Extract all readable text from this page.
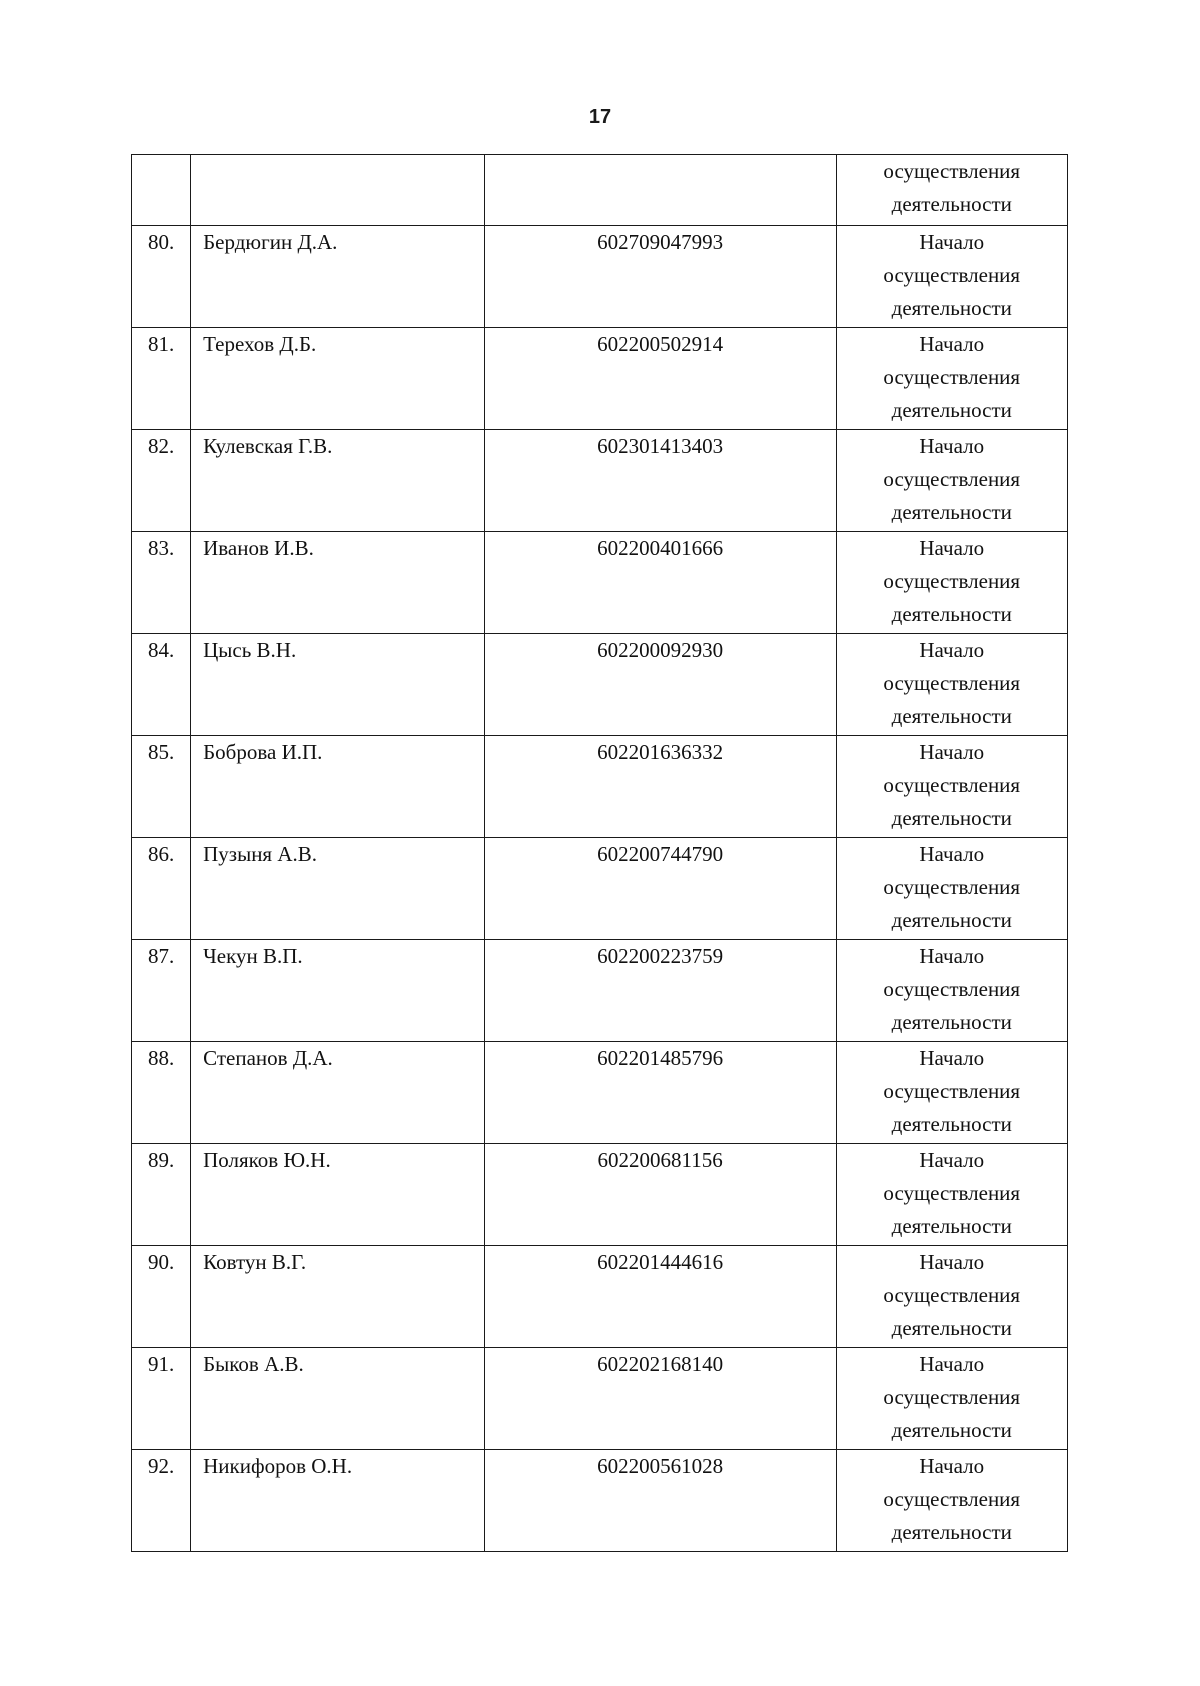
17

			осуществления
деятельности

80.	Бердюгин Д.А.	602709047993	Начало
осуществления
деятельности

81.	Терехов Д.Б.	602200502914	Начало
осуществления
деятельности

82.	Кулевская Г.В.	602301413403	Начало
осуществления
деятельности

83.	Иванов И.В.	602200401666	Начало
осуществления
деятельности

84.	Цысь В.Н.	602200092930	Начало
осуществления
деятельности

85.	Боброва И.П.	602201636332	Начало
осуществления
деятельности

86.	Пузыня А.В.	602200744790	Начало
осуществления
деятельности

87.	Чекун В.П.	602200223759	Начало
осуществления
деятельности

88.	Степанов Д.А.	602201485796	Начало
осуществления
деятельности

89.	Поляков Ю.Н.	602200681156	Начало
осуществления
деятельности

90.	Ковтун В.Г.	602201444616	Начало
осуществления
деятельности

91.	Быков А.В.	602202168140	Начало
осуществления
деятельности

92.	Никифоров О.Н.	602200561028	Начало
осуществления
деятельности
